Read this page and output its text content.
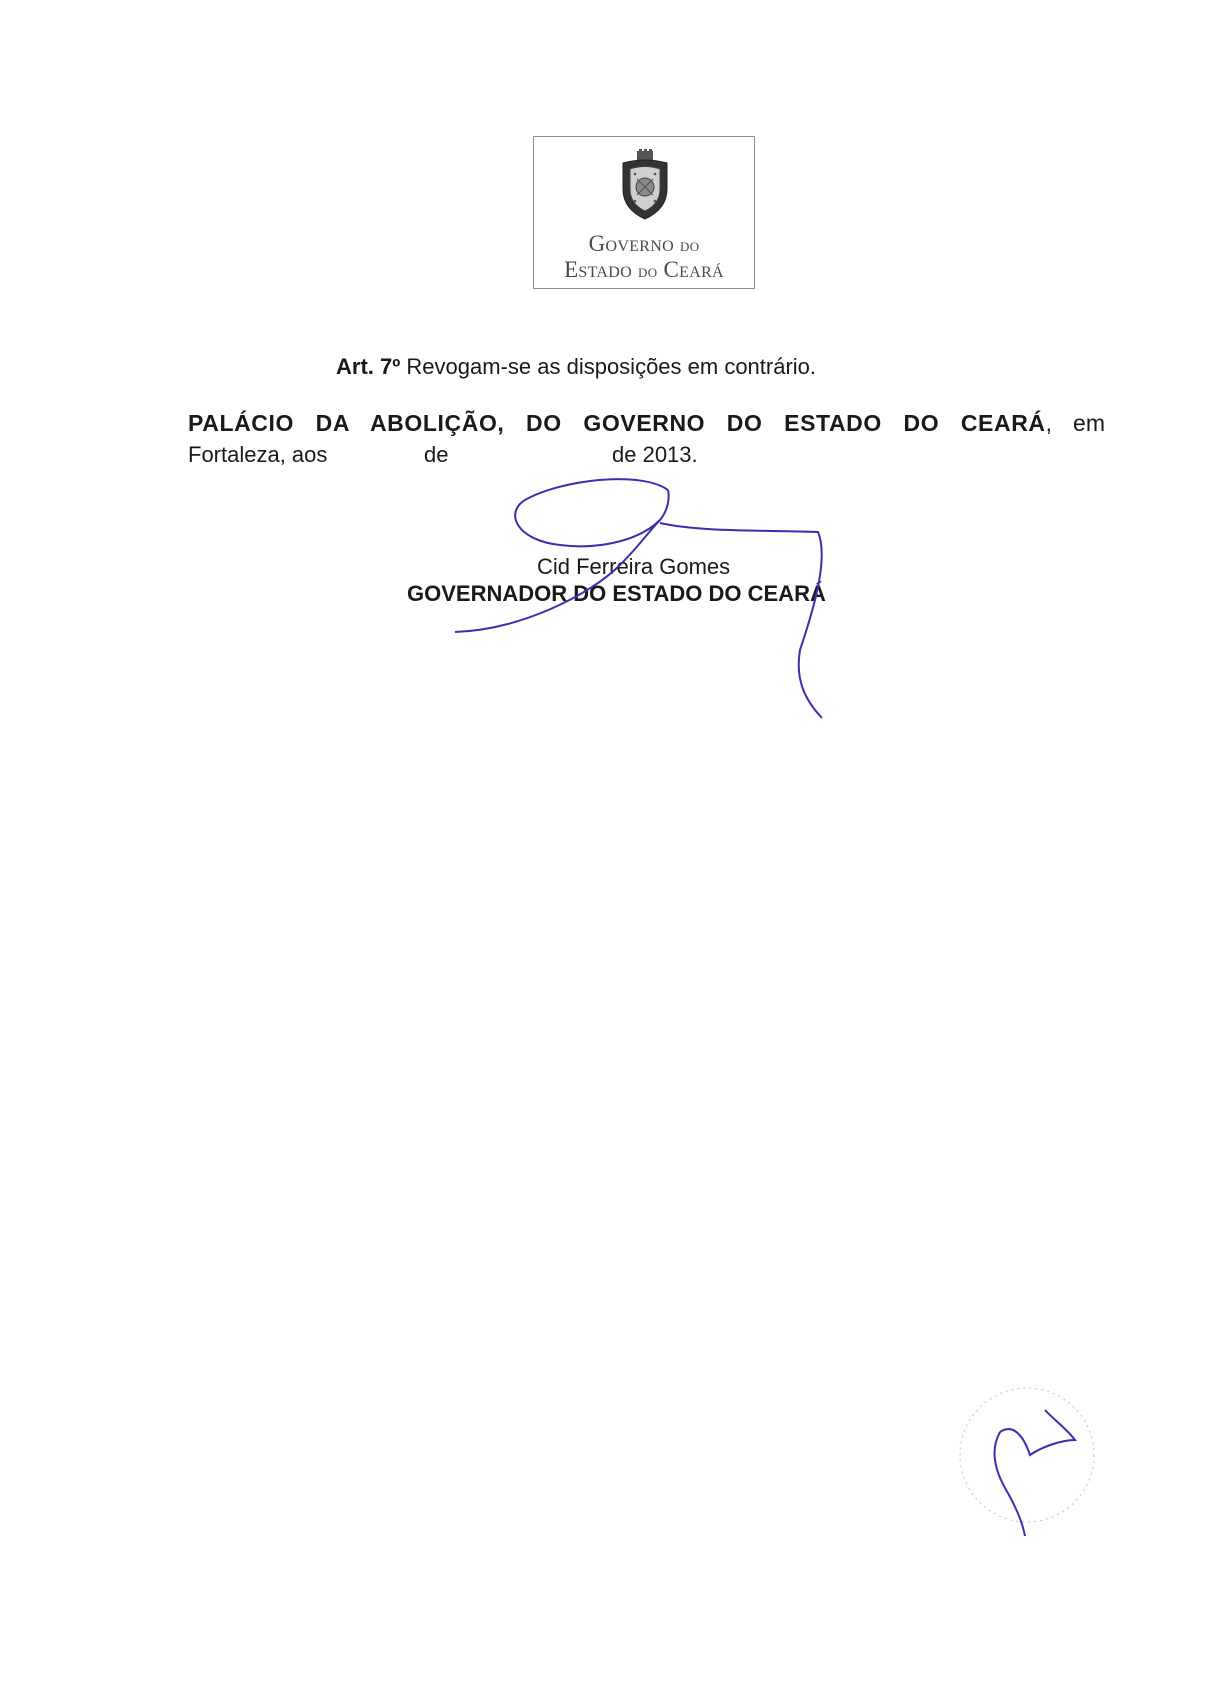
Governo do
Estado do Ceará
Art. 7º Revogam-se as disposições em contrário.
PALÁCIO DA ABOLIÇÃO, DO GOVERNO DO ESTADO DO CEARÁ, em
Fortaleza, aos	de	de 2013.
Cid Ferreira Gomes
GOVERNADOR DO ESTADO DO CEARÁ
